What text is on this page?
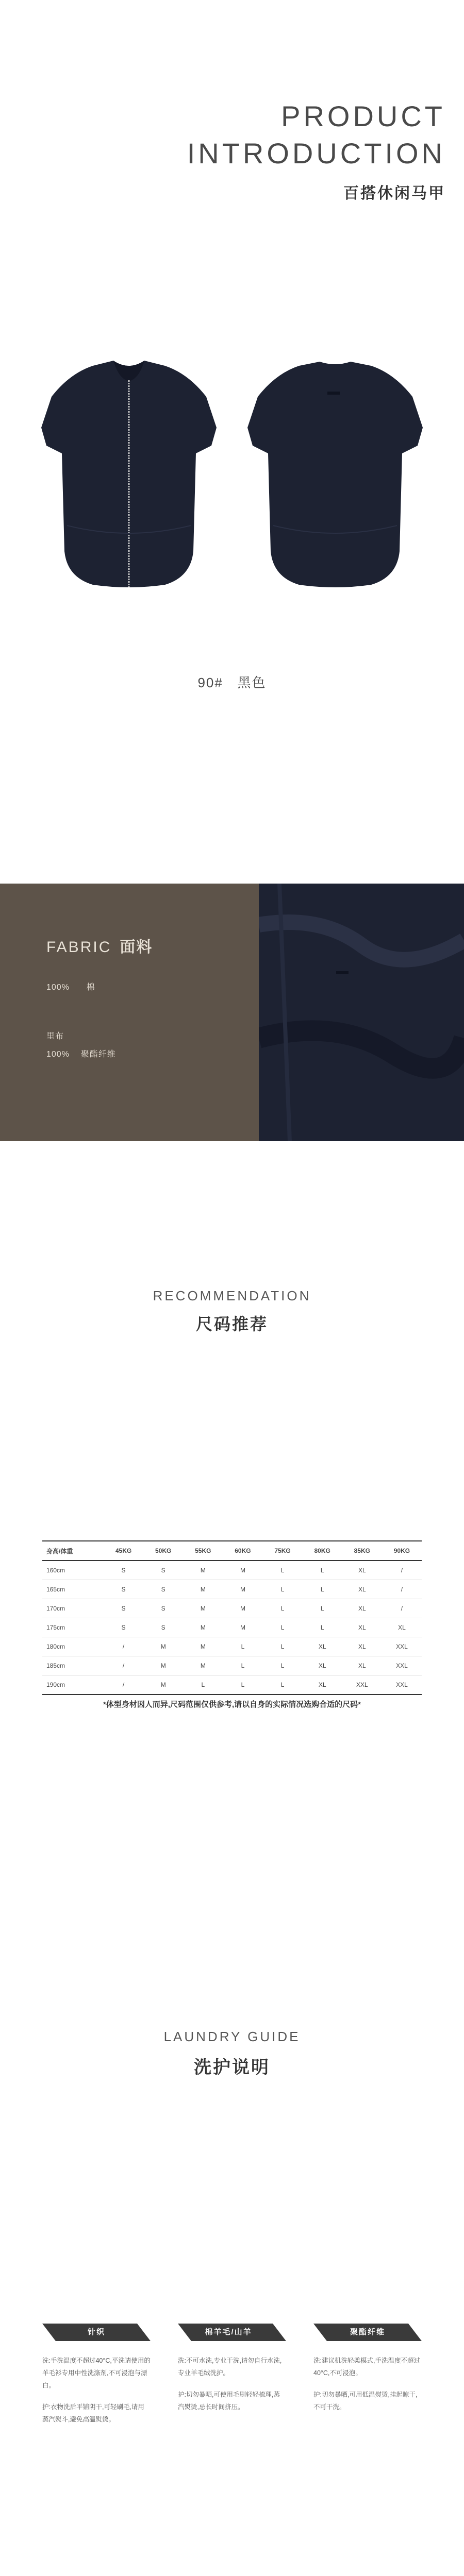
PRODUCT
INTRODUCTION
百搭休闲马甲
90# 黑色
FABRIC 面料
100% 棉
里布
100% 聚酯纤维
RECOMMENDATION
尺码推荐
身高/体重	45KG	50KG	55KG	60KG	75KG	80KG	85KG	90KG
160cm	S	S	M	M	L	L	XL	/
165cm	S	S	M	M	L	L	XL	/
170cm	S	S	M	M	L	L	XL	/
175cm	S	S	M	M	L	L	XL	XL
180cm	/	M	M	L	L	XL	XL	XXL
185cm	/	M	M	L	L	XL	XL	XXL
190cm	/	M	L	L	L	XL	XXL	XXL
*体型身材因人而异,尺码范围仅供参考,请以自身的实际情况选购合适的尺码*
LAUNDRY GUIDE
洗护说明
针织
洗:手洗温度不超过40°C,平洗请使用的羊毛衫专用中性洗涤剂,不可浸泡与漂白。
护:衣物洗后平铺阴干,可轻刷毛,请用蒸汽熨斗,避免高温熨烫。
棉羊毛/山羊绒
洗:不可水洗,专业干洗,请勿自行水洗,专业羊毛绒洗护。
护:切勿暴晒,可使用毛刷轻轻梳理,蒸汽熨烫,忌长时间挤压。
聚酯纤维
洗:建议机洗轻柔模式,手洗温度不超过40°C,不可浸泡。
护:切勿暴晒,可用低温熨烫,挂起晾干,不可干洗。
